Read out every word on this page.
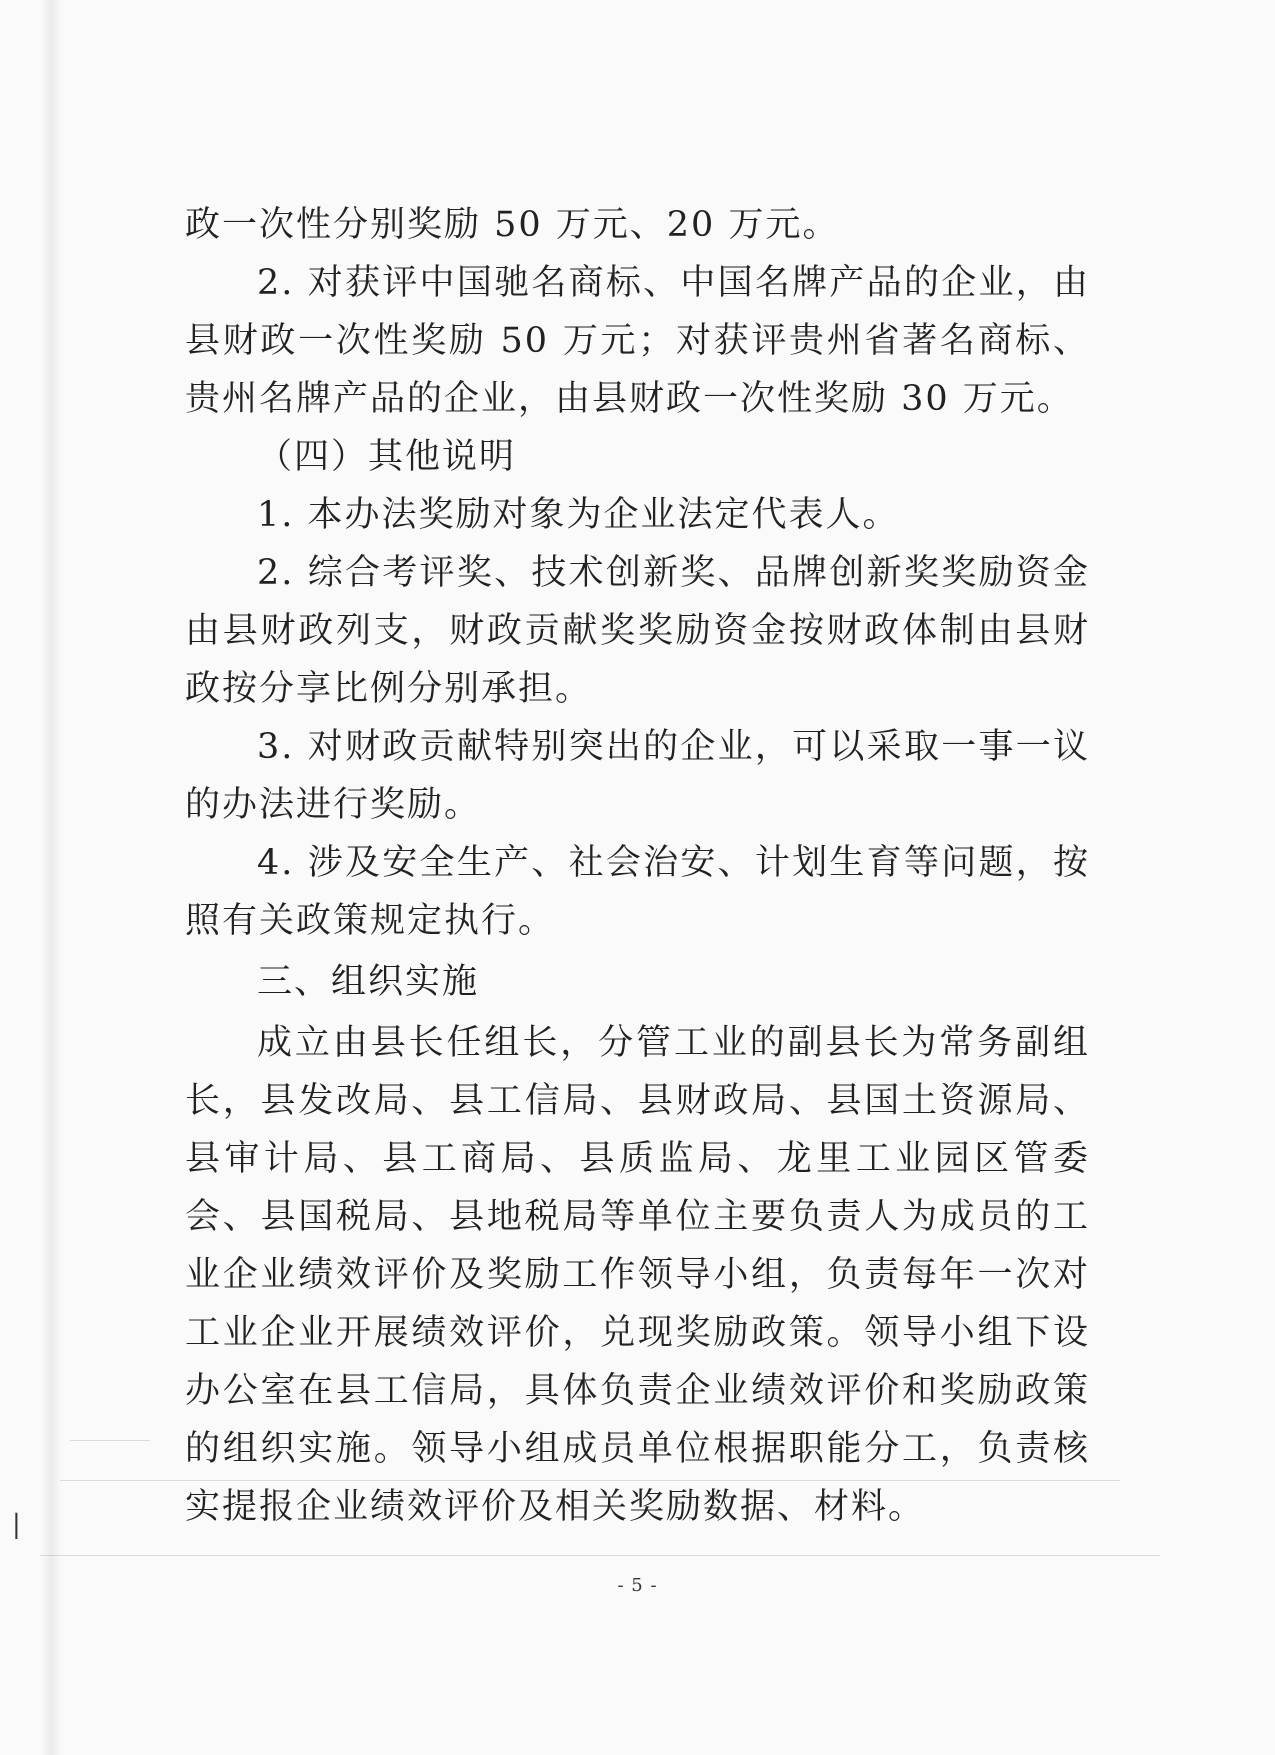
政一次性分别奖励 50 万元、20 万元。

2. 对获评中国驰名商标、中国名牌产品的企业，由县财政一次性奖励 50 万元；对获评贵州省著名商标、贵州名牌产品的企业，由县财政一次性奖励 30 万元。

（四）其他说明

1. 本办法奖励对象为企业法定代表人。

2. 综合考评奖、技术创新奖、品牌创新奖奖励资金由县财政列支，财政贡献奖奖励资金按财政体制由县财政按分享比例分别承担。

3. 对财政贡献特别突出的企业，可以采取一事一议的办法进行奖励。

4. 涉及安全生产、社会治安、计划生育等问题，按照有关政策规定执行。

三、组织实施

成立由县长任组长，分管工业的副县长为常务副组长，县发改局、县工信局、县财政局、县国土资源局、县审计局、县工商局、县质监局、龙里工业园区管委会、县国税局、县地税局等单位主要负责人为成员的工业企业绩效评价及奖励工作领导小组，负责每年一次对工业企业开展绩效评价，兑现奖励政策。领导小组下设办公室在县工信局，具体负责企业绩效评价和奖励政策的组织实施。领导小组成员单位根据职能分工，负责核实提报企业绩效评价及相关奖励数据、材料。

|
- 5 -
